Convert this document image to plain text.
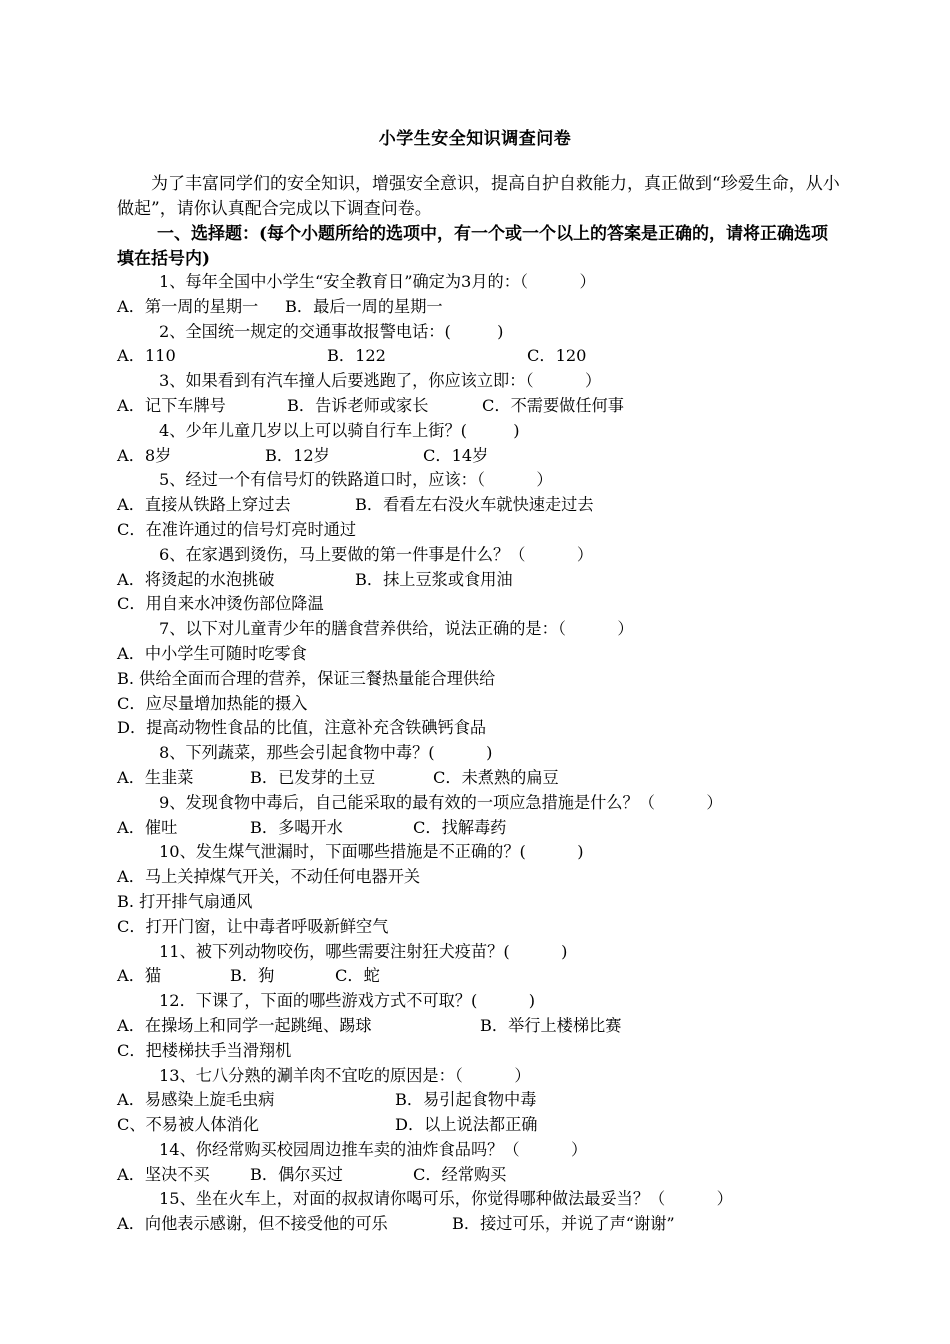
小学生安全知识调查问卷
为了丰富同学们的安全知识，增强安全意识，提高自护自救能力，真正做到“珍爱生命，从小做起”，请你认真配合完成以下调查问卷。
一、选择题：(每个小题所给的选项中，有一个或一个以上的答案是正确的，请将正确选项填在括号内)
1、每年全国中小学生“安全教育日”确定为3月的：（          ）
A．第一周的星期一 B．最后一周的星期一
2、全国统一规定的交通事故报警电话：(         )
A．110	B．122	C．120
3、如果看到有汽车撞人后要逃跑了，你应该立即：（          ）
A．记下车牌号	B．告诉老师或家长	C．不需要做任何事
4、少年儿童几岁以上可以骑自行车上街？(         )
A．8岁	B．12岁	C．14岁
5、经过一个有信号灯的铁路道口时，应该：（          ）
A．直接从铁路上穿过去	B．看看左右没火车就快速走过去
C．在准许通过的信号灯亮时通过
6、在家遇到烫伤，马上要做的第一件事是什么？（          ）
A．将烫起的水泡挑破	B．抹上豆浆或食用油
C．用自来水冲烫伤部位降温
7、以下对儿童青少年的膳食营养供给，说法正确的是：（          ）
A．中小学生可随时吃零食
B. 供给全面而合理的营养，保证三餐热量能合理供给
C．应尽量增加热能的摄入
D．提高动物性食品的比值，注意补充含铁碘钙食品
8、下列蔬菜，那些会引起食物中毒？(          )
A．生韭菜	B．已发芽的土豆	C．未煮熟的扁豆
9、发现食物中毒后，自己能采取的最有效的一项应急措施是什么？（          ）
A．催吐	B．多喝开水	C．找解毒药
10、发生煤气泄漏时，下面哪些措施是不正确的？(          )
A．马上关掉煤气开关，不动任何电器开关
B. 打开排气扇通风
C．打开门窗，让中毒者呼吸新鲜空气
11、被下列动物咬伤，哪些需要注射狂犬疫苗？(          )
A．猫	B．狗	C．蛇
12．下课了，下面的哪些游戏方式不可取？(          )
A．在操场上和同学一起跳绳、踢球	B．举行上楼梯比赛
C．把楼梯扶手当滑翔机
13、七八分熟的涮羊肉不宜吃的原因是：（          ）
A．易感染上旋毛虫病	B．易引起食物中毒
C、不易被人体消化	D．以上说法都正确
14、你经常购买校园周边推车卖的油炸食品吗？（          ）
A．坚决不买 B．偶尔买过	C．经常购买
15、坐在火车上，对面的叔叔请你喝可乐，你觉得哪种做法最妥当？（          ）
A．向他表示感谢，但不接受他的可乐	B．接过可乐，并说了声“谢谢”
